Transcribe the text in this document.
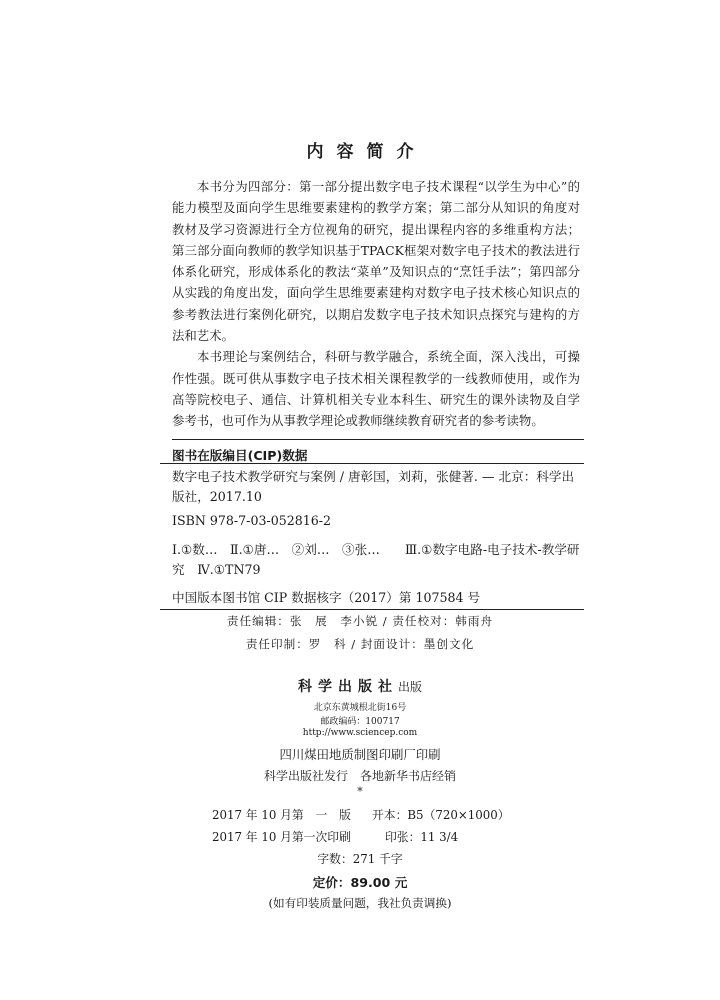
内容简介

本书分为四部分：第一部分提出数字电子技术课程“以学生为中心”的能力模型及面向学生思维要素建构的教学方案；第二部分从知识的角度对教材及学习资源进行全方位视角的研究，提出课程内容的多维重构方法；第三部分面向教师的教学知识基于TPACK框架对数字电子技术的教法进行体系化研究，形成体系化的教法“菜单”及知识点的“烹饪手法”；第四部分从实践的角度出发，面向学生思维要素建构对数字电子技术核心知识点的参考教法进行案例化研究，以期启发数字电子技术知识点探究与建构的方法和艺术。

本书理论与案例结合，科研与教学融合，系统全面，深入浅出，可操作性强。既可供从事数字电子技术相关课程教学的一线教师使用，或作为高等院校电子、通信、计算机相关专业本科生、研究生的课外读物及自学参考书，也可作为从事教学理论或教师继续教育研究者的参考读物。

图书在版编目(CIP)数据
数字电子技术教学研究与案例 / 唐彰国，刘莉，张健著. — 北京：科学出版社，2017.10
ISBN 978-7-03-052816-2
Ⅰ.①数…　Ⅱ.①唐…　②刘…　③张…　　Ⅲ.①数字电路-电子技术-教学研究　Ⅳ.①TN79
中国版本图书馆 CIP 数据核字（2017）第 107584 号
责任编辑：张　展　李小锐 / 责任校对：韩雨舟
责任印制：罗　科 / 封面设计：墨创文化
科学出版社出版
北京东黄城根北街16号
邮政编码：100717
http://www.sciencep.com
四川煤田地质制图印刷厂印刷
科学出版社发行　各地新华书店经销
*
2017 年 10 月第　一　版 开本：B5（720×1000）
2017 年 10 月第一次印刷	印张：11 3/4
字数：271 千字
定价：89.00 元
(如有印装质量问题，我社负责调换)
